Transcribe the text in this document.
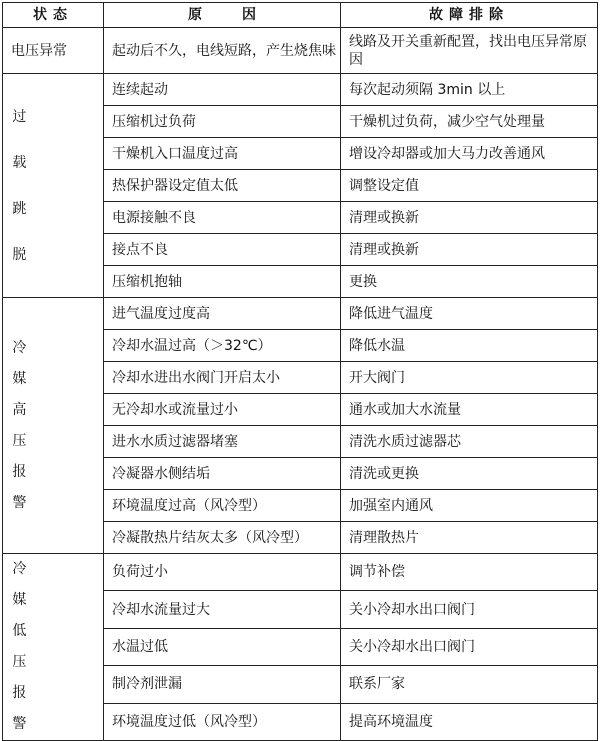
状态	原因	故障排除
电压异常	起动后不久，电线短路，产生烧焦味	线路及开关重新配置，找出电压异常原因
过载跳脱	连续起动	每次起动须隔 3min 以上
	压缩机过负荷	干燥机过负荷，减少空气处理量
	干燥机入口温度过高	增设冷却器或加大马力改善通风
	热保护器设定值太低	调整设定值
	电源接触不良	清理或换新
	接点不良	清理或换新
	压缩机抱轴	更换
冷媒高压报警	进气温度过度高	降低进气温度
	冷却水温过高（＞32℃）	降低水温
	冷却水进出水阀门开启太小	开大阀门
	无冷却水或流量过小	通水或加大水流量
	进水水质过滤器堵塞	清洗水质过滤器芯
	冷凝器水侧结垢	清洗或更换
	环境温度过高（风冷型）	加强室内通风
	冷凝散热片结灰太多（风冷型）	清理散热片
冷媒低压报警	负荷过小	调节补偿
	冷却水流量过大	关小冷却水出口阀门
	水温过低	关小冷却水出口阀门
	制冷剂泄漏	联系厂家
	环境温度过低（风冷型）	提高环境温度
